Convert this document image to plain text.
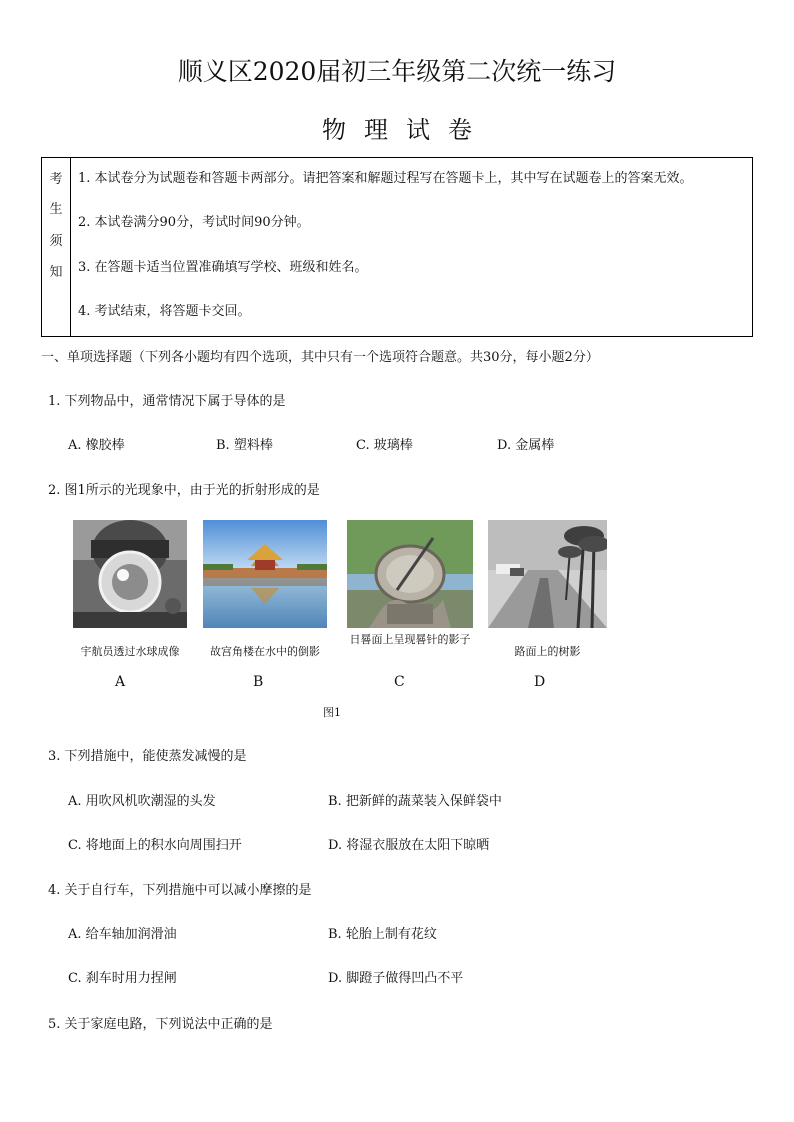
顺义区2020届初三年级第二次统一练习
物理试卷
考
生
须
知
1. 本试卷分为试题卷和答题卡两部分。请把答案和解题过程写在答题卡上，其中写在试题卷上的答案无效。
2. 本试卷满分90分，考试时间90分钟。
3. 在答题卡适当位置准确填写学校、班级和姓名。
4. 考试结束，将答题卡交回。
一、单项选择题（下列各小题均有四个选项，其中只有一个选项符合题意。共30分，每小题2分）
1. 下列物品中，通常情况下属于导体的是
A. 橡胶棒	B. 塑料棒	C. 玻璃棒	D. 金属棒
2. 图1所示的光现象中，由于光的折射形成的是
宇航员透过水球成像	故宫角楼在水中的倒影
日晷面上呈现晷针的影子
路面上的树影
A	B	C	D
图1
3. 下列措施中，能使蒸发减慢的是
A. 用吹风机吹潮湿的头发	B. 把新鲜的蔬菜装入保鲜袋中
C. 将地面上的积水向周围扫开	D. 将湿衣服放在太阳下晾晒
4. 关于自行车，下列措施中可以减小摩擦的是
A. 给车轴加润滑油	B. 轮胎上制有花纹
C. 刹车时用力捏闸	D. 脚蹬子做得凹凸不平
5. 关于家庭电路，下列说法中正确的是
